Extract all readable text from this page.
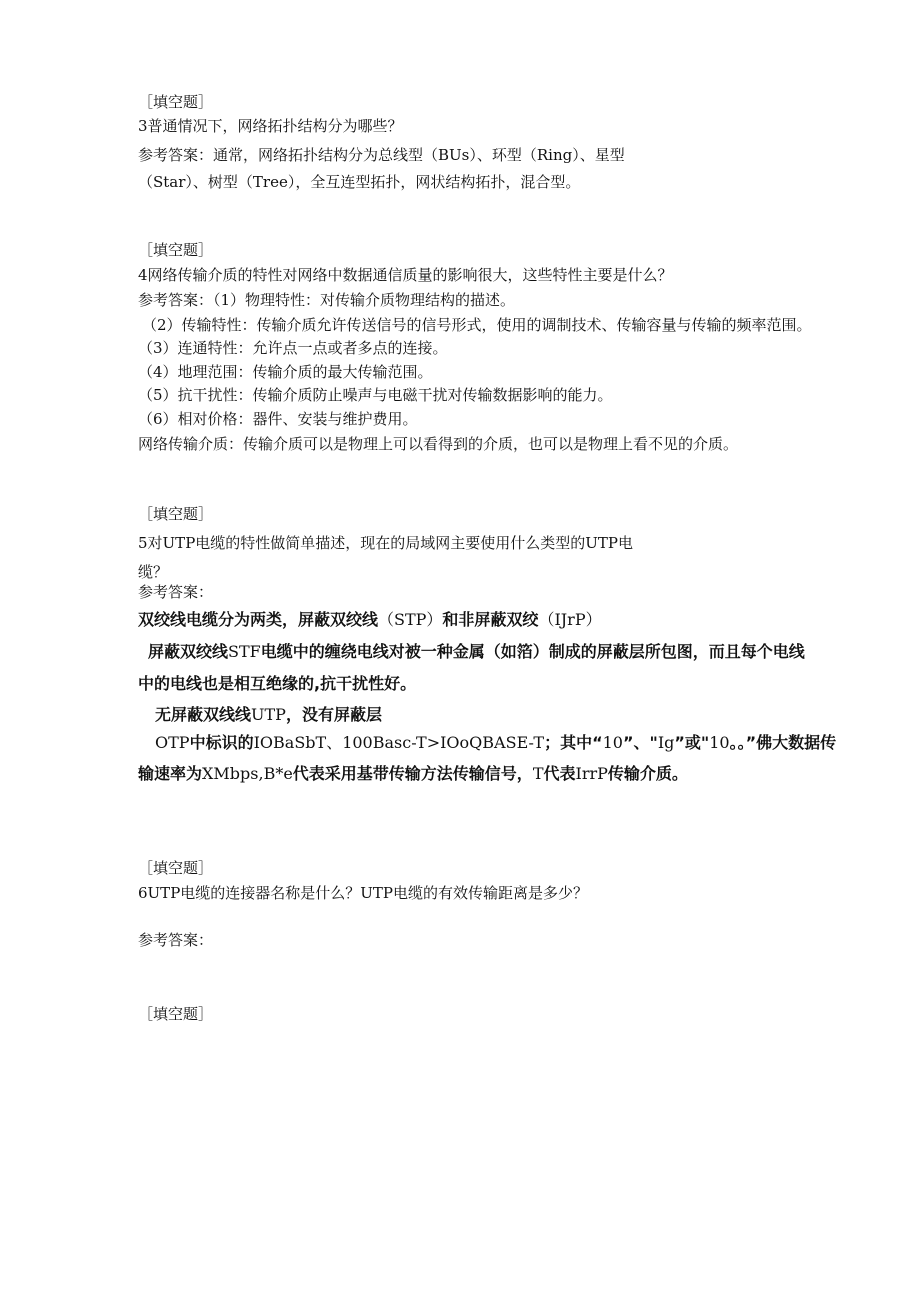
［填空题］
3普通情况下，网络拓扑结构分为哪些？
参考答案：通常，网络拓扑结构分为总线型（BUs）、环型（Ring）、星型
（Star）、树型（Tree），全互连型拓扑，网状结构拓扑，混合型。
［填空题］
4网络传输介质的特性对网络中数据通信质量的影响很大，这些特性主要是什么？
参考答案：（1）物理特性：对传输介质物理结构的描述。
（2）传输特性：传输介质允许传送信号的信号形式，使用的调制技术、传输容量与传输的频率范围。
（3）连通特性：允许点一点或者多点的连接。
（4）地理范围：传输介质的最大传输范围。
（5）抗干扰性：传输介质防止噪声与电磁干扰对传输数据影响的能力。
（6）相对价格：器件、安装与维护费用。
网络传输介质：传输介质可以是物理上可以看得到的介质，也可以是物理上看不见的介质。
［填空题］
5对UTP电缆的特性做简单描述，现在的局域网主要使用什么类型的UTP电
缆？
参考答案：
双绞线电缆分为两类，屏蔽双绞线（STP）和非屏蔽双绞（IJrP）
屏蔽双绞线STF电缆中的缠绕电线对被一种金属（如箔）制成的屏蔽层所包图，而且每个电线
中的电线也是相互绝缘的,抗干扰性好。
无屏蔽双线线UTP，没有屏蔽层
OTP中标识的IOBaSbT、100Basc-T>IOoQBASE-T；其中“10”、"Ig”或"10。。”佛大数据传
输速率为XMbps,B*e代表采用基带传输方法传输信号，T代表IrrP传输介质。
［填空题］
6UTP电缆的连接器名称是什么？UTP电缆的有效传输距离是多少？
参考答案：
［填空题］
